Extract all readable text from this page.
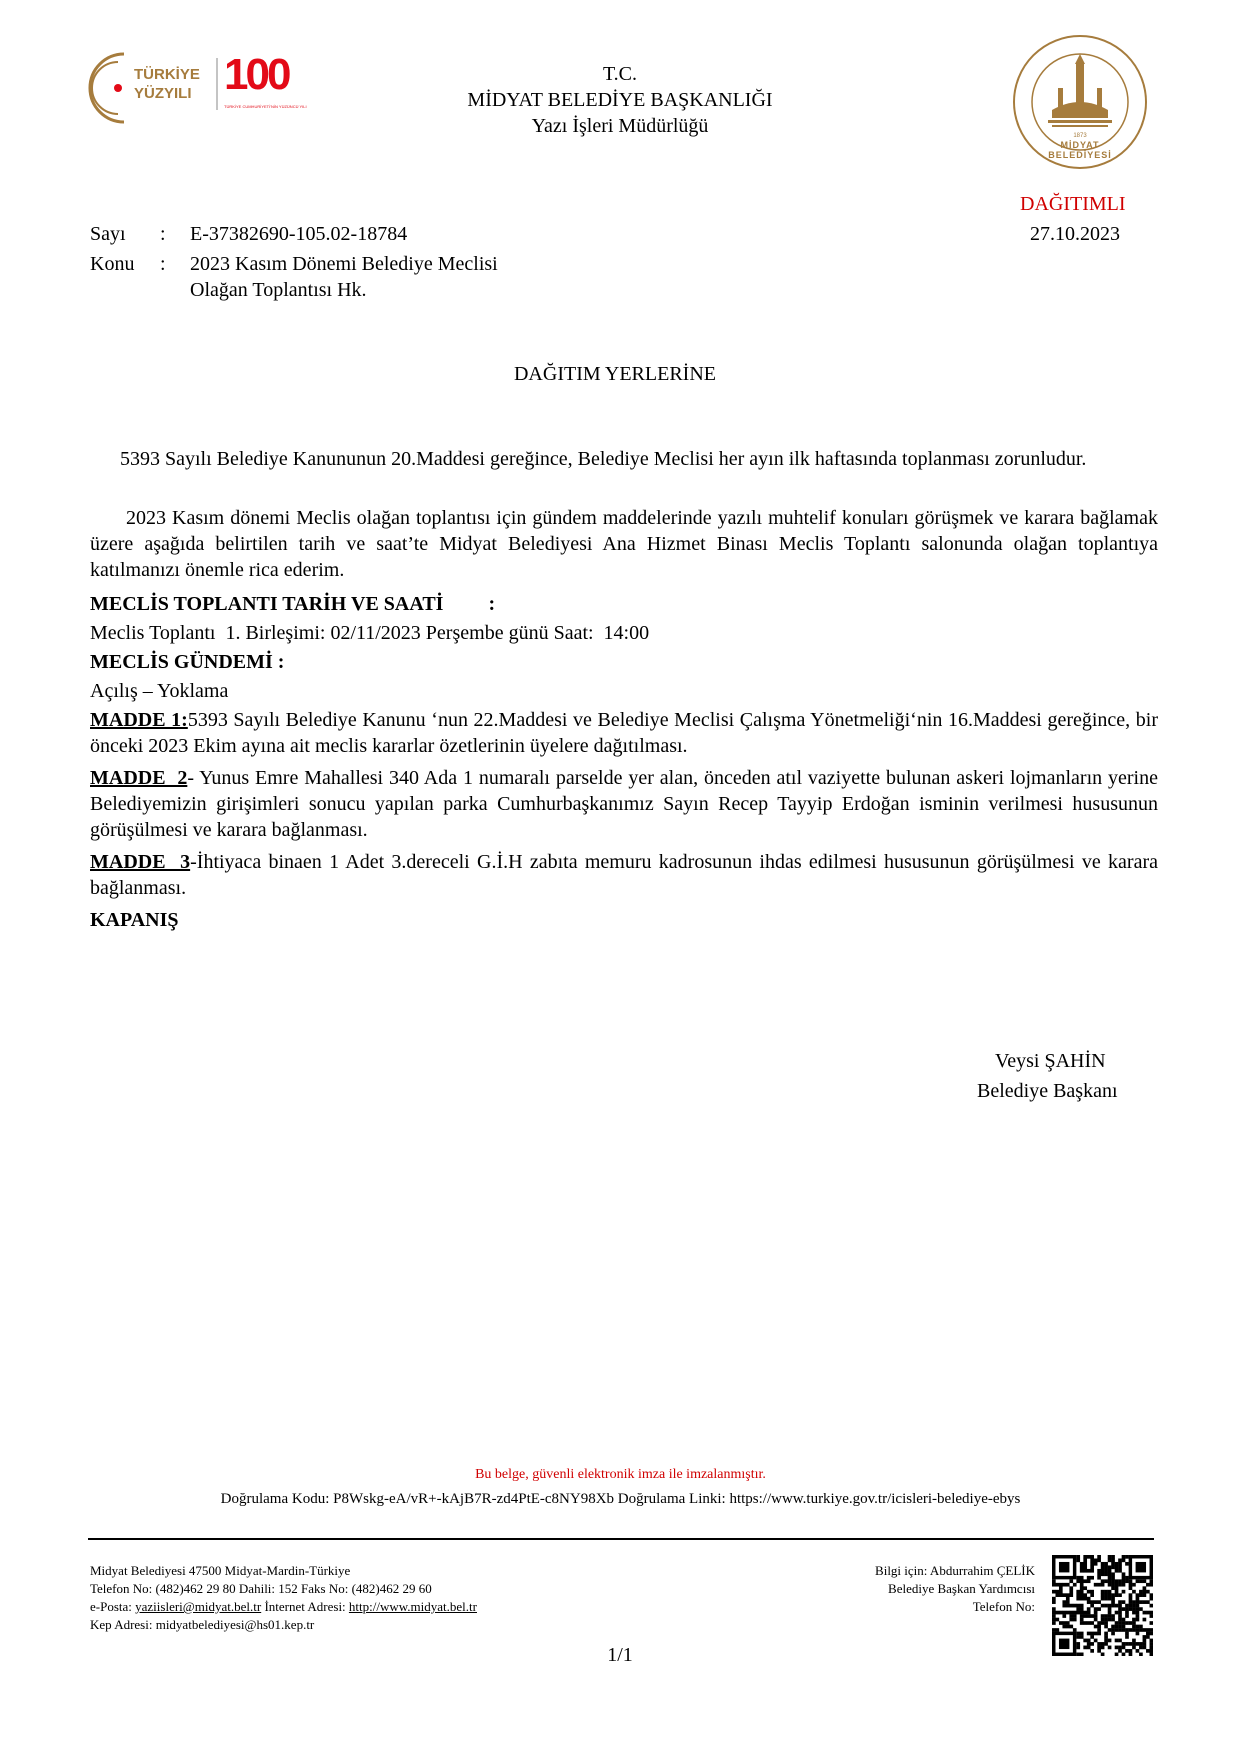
TÜRKİYE
YÜZYILI 100
TÜRKİYE CUMHURİYETİ'NİN YÜZÜNCÜ YILI
T.C.
MİDYAT BELEDİYE BAŞKANLIĞI
Yazı İşleri Müdürlüğü	1873
MİDYAT BELEDİYESİ
DAĞITIMLI
Sayı : E-37382690-105.02-18784	27.10.2023
Konu : 2023 Kasım Dönemi Belediye Meclisi
Olağan Toplantısı Hk.
DAĞITIM YERLERİNE
5393 Sayılı Belediye Kanununun 20.Maddesi gereğince, Belediye Meclisi her ayın ilk haftasında toplanması zorunludur.
2023 Kasım dönemi Meclis olağan toplantısı için gündem maddelerinde yazılı muhtelif konuları görüşmek ve karara bağlamak üzere aşağıda belirtilen tarih ve saat’te Midyat Belediyesi Ana Hizmet Binası Meclis Toplantı salonunda olağan toplantıya katılmanızı önemle rica ederim.
MECLİS TOPLANTI TARİH VE SAATİ :
Meclis Toplantı  1. Birleşimi: 02/11/2023 Perşembe günü Saat:  14:00
MECLİS GÜNDEMİ :
Açılış – Yoklama
MADDE 1:5393 Sayılı Belediye Kanunu ‘nun 22.Maddesi ve Belediye Meclisi Çalışma Yönetmeliği‘nin 16.Maddesi gereğince, bir önceki 2023 Ekim ayına ait meclis kararlar özetlerinin üyelere dağıtılması.
MADDE  2- Yunus Emre Mahallesi 340 Ada 1 numaralı parselde yer alan, önceden atıl vaziyette bulunan askeri lojmanların yerine Belediyemizin girişimleri sonucu yapılan parka Cumhurbaşkanımız Sayın Recep Tayyip Erdoğan isminin verilmesi hususunun görüşülmesi ve karara bağlanması.
MADDE  3-İhtiyaca binaen 1 Adet 3.dereceli G.İ.H zabıta memuru kadrosunun ihdas edilmesi hususunun görüşülmesi ve karara bağlanması.
KAPANIŞ
Veysi ŞAHİN
Belediye Başkanı
Bu belge, güvenli elektronik imza ile imzalanmıştır.
Doğrulama Kodu: P8Wskg-eA/vR+-kAjB7R-zd4PtE-c8NY98Xb Doğrulama Linki: https://www.turkiye.gov.tr/icisleri-belediye-ebys
Midyat Belediyesi 47500 Midyat-Mardin-Türkiye
Telefon No: (482)462 29 80 Dahili: 152 Faks No: (482)462 29 60
e-Posta: yaziisleri@midyat.bel.tr İnternet Adresi: http://www.midyat.bel.tr
Kep Adresi: midyatbelediyesi@hs01.kep.tr
Bilgi için: Abdurrahim ÇELİK
Belediye Başkan Yardımcısı
Telefon No:
1/1
